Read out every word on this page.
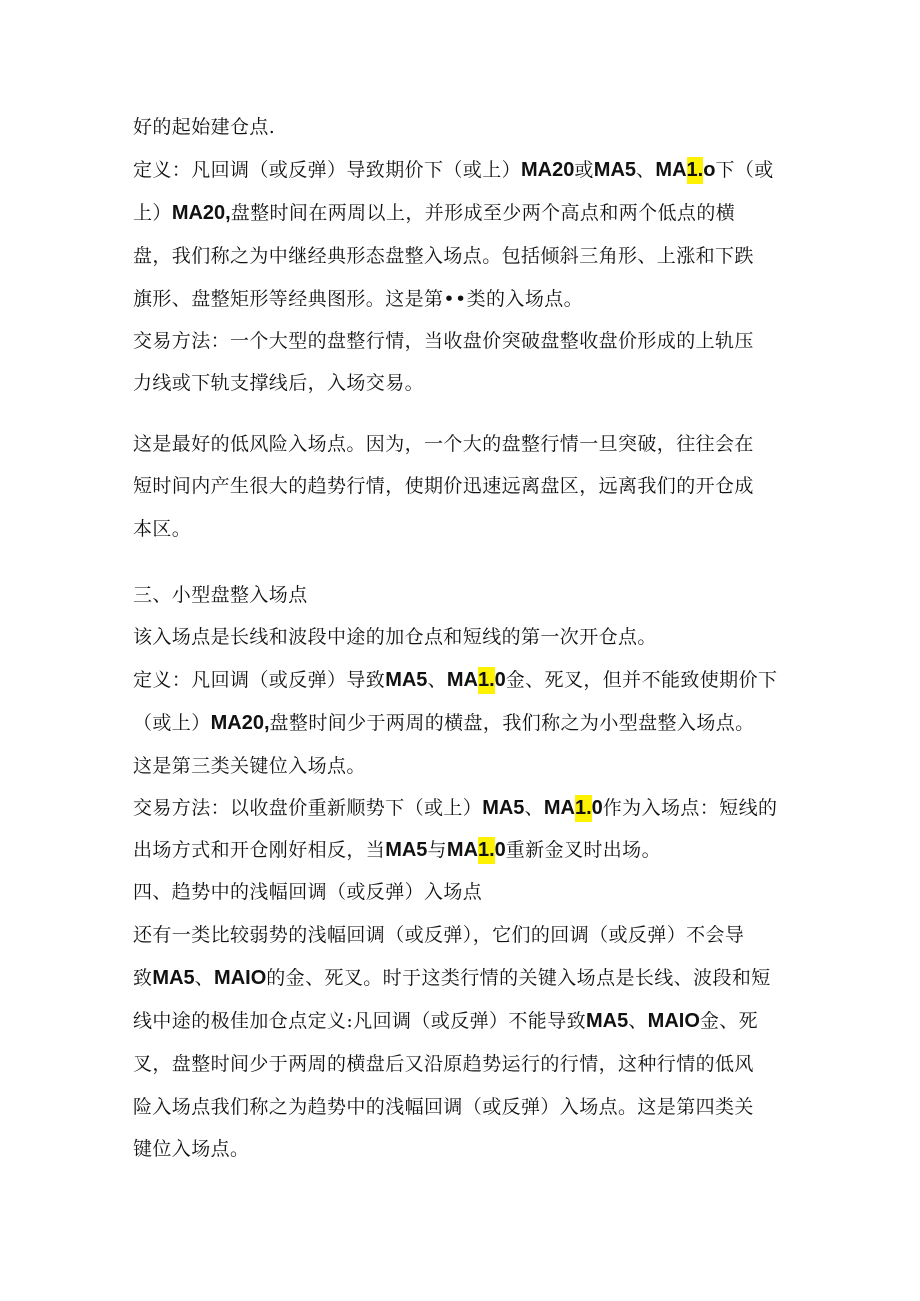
好的起始建仓点.
定义：凡回调（或反弹）导致期价下（或上）MA20或MA5、MA1.o下（或
上）MA20,盘整时间在两周以上，并形成至少两个高点和两个低点的横
盘，我们称之为中继经典形态盘整入场点。包括倾斜三角形、上涨和下跌
旗形、盘整矩形等经典图形。这是第••类的入场点。
交易方法：一个大型的盘整行情，当收盘价突破盘整收盘价形成的上轨压
力线或下轨支撑线后，入场交易。
这是最好的低风险入场点。因为，一个大的盘整行情一旦突破，往往会在
短时间内产生很大的趋势行情，使期价迅速远离盘区，远离我们的开仓成
本区。
三、小型盘整入场点
该入场点是长线和波段中途的加仓点和短线的第一次开仓点。
定义：凡回调（或反弹）导致MA5、MA1.0金、死叉，但并不能致使期价下
（或上）MA20,盘整时间少于两周的横盘，我们称之为小型盘整入场点。
这是第三类关键位入场点。
交易方法：以收盘价重新顺势下（或上）MA5、MA1.0作为入场点：短线的
出场方式和开仓刚好相反，当MA5与MA1.0重新金叉时出场。
四、趋势中的浅幅回调（或反弹）入场点
还有一类比较弱势的浅幅回调（或反弹），它们的回调（或反弹）不会导
致MA5、MAIO的金、死叉。时于这类行情的关键入场点是长线、波段和短
线中途的极佳加仓点定义:凡回调（或反弹）不能导致MA5、MAIO金、死
叉，盘整时间少于两周的横盘后又沿原趋势运行的行情，这种行情的低风
险入场点我们称之为趋势中的浅幅回调（或反弹）入场点。这是第四类关
键位入场点。
